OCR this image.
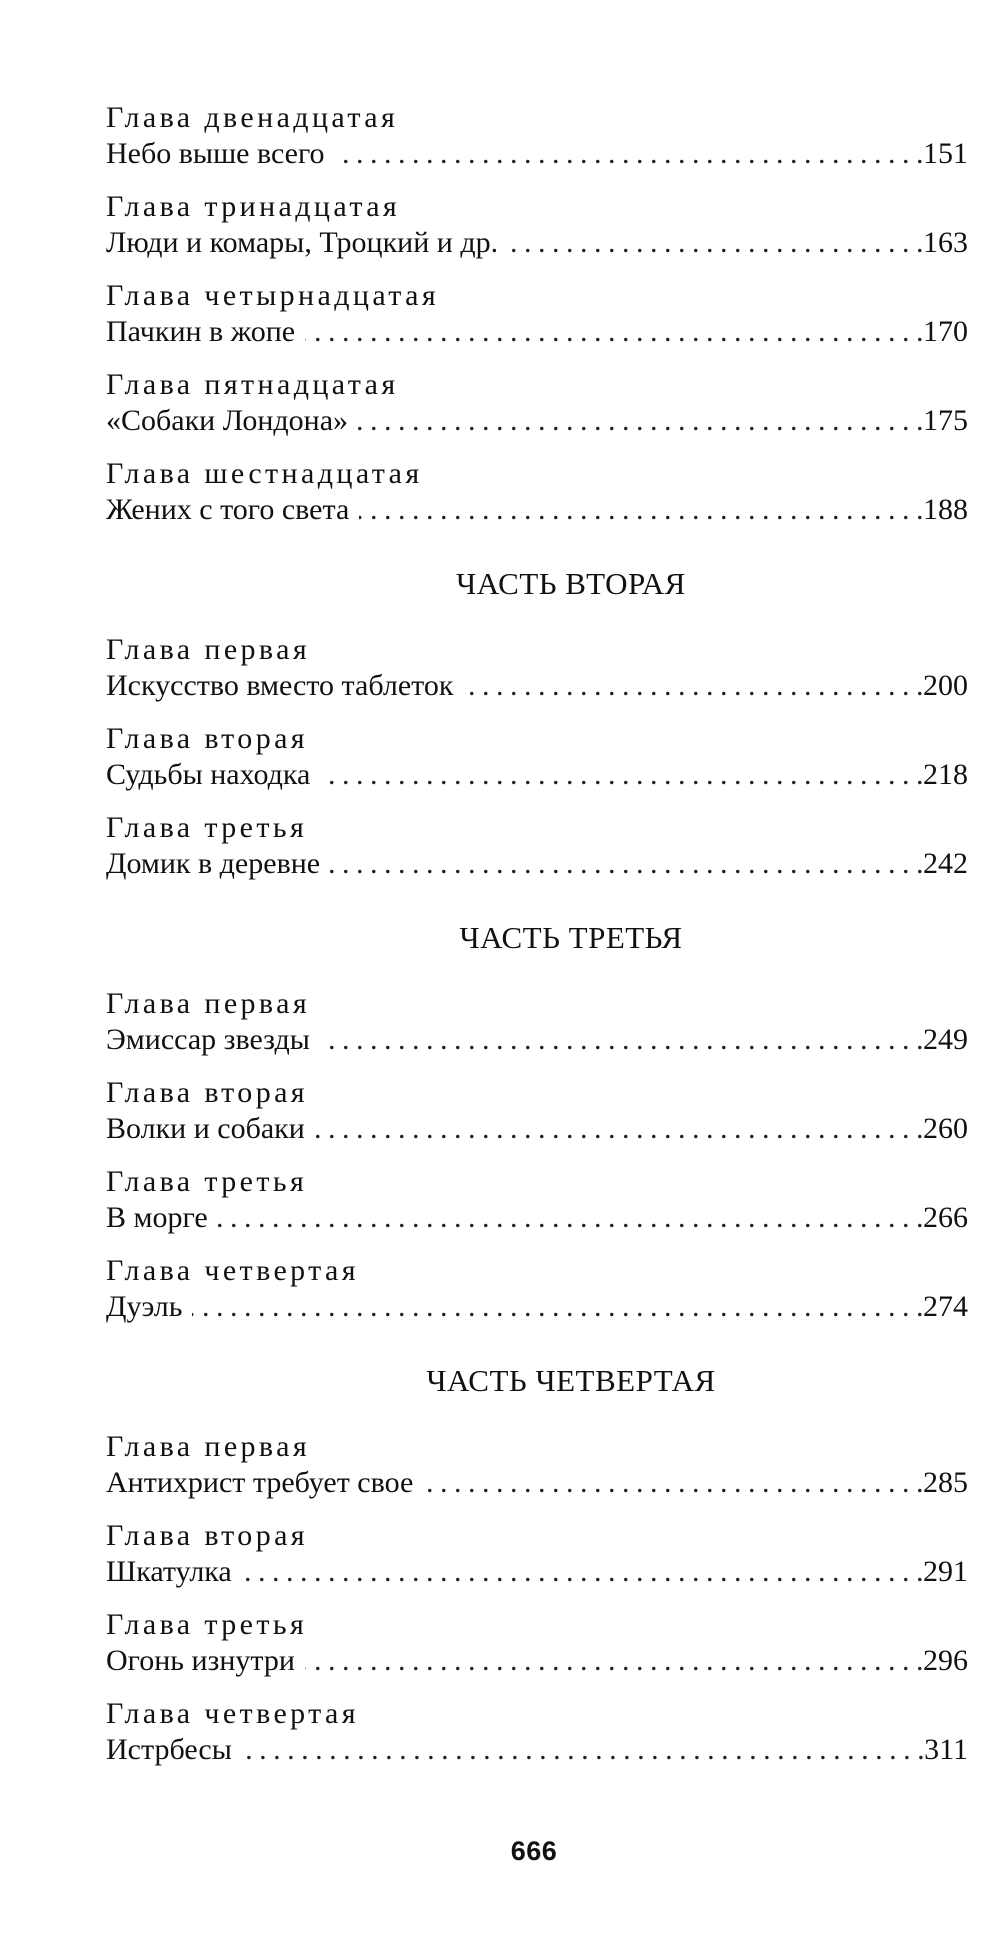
Глава двенадцатая
Небо выше всего . . .	151
Глава тринадцатая
Люди и комары, Троцкий и др. . . .	163
Глава четырнадцатая
Пачкин в жопе . . .	170
Глава пятнадцатая
«Собаки Лондона» . . .	175
Глава шестнадцатая
Жених с того света . . .	188
ЧАСТЬ ВТОРАЯ
Глава первая
Искусство вместо таблеток . . .	200
Глава вторая
Судьбы находка . . .	218
Глава третья
Домик в деревне . . .	242
ЧАСТЬ ТРЕТЬЯ
Глава первая
Эмиссар звезды . . .	249
Глава вторая
Волки и собаки . . .	260
Глава третья
В морге . . .	266
Глава четвертая
Дуэль . . .	274
ЧАСТЬ ЧЕТВЕРТАЯ
Глава первая
Антихрист требует свое . . .	285
Глава вторая
Шкатулка . . .	291
Глава третья
Огонь изнутри . . .	296
Глава четвертая
Истрбесы . . .	311
666
